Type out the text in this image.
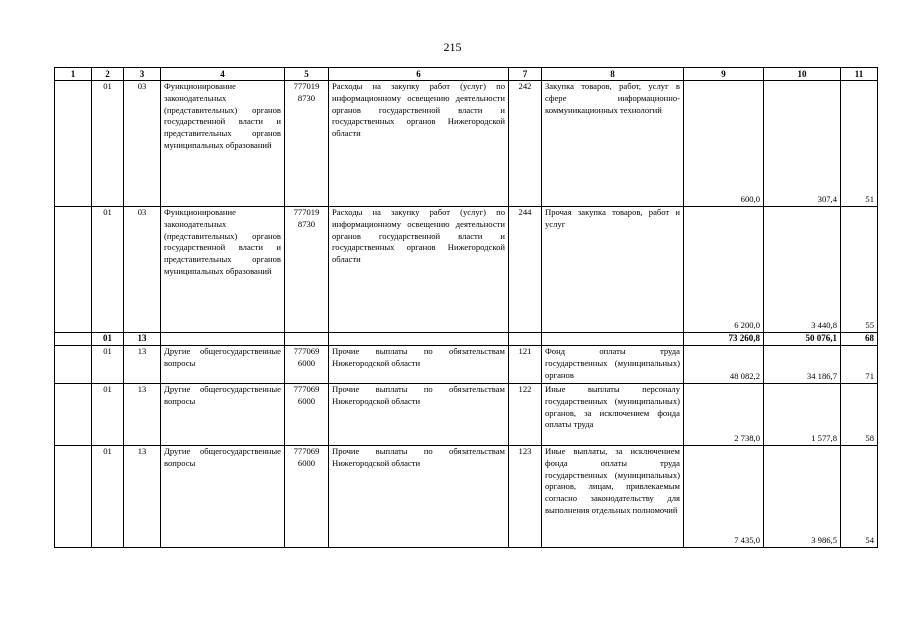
215
1	2	3	4	5	6	7	8	9	10	11
	01	03	Функционирование законодательных (представительных) органов государственной власти и представительных органов муниципальных образований	777019 8730	Расходы на закупку работ (услуг) по информационному освещению деятельности органов государственной власти и государственных органов Нижегородской области	242	Закупка товаров, работ, услуг в сфере информационно-коммуникационных технологий	600,0	307,4	51
	01	03	Функционирование законодательных (представительных) органов государственной власти и представительных органов муниципальных образований	777019 8730	Расходы на закупку работ (услуг) по информационному освещению деятельности органов государственной власти и государственных органов Нижегородской области	244	Прочая закупка товаров, работ и услуг	6 200,0	3 440,8	55
	01	13						73 260,8	50 076,1	68
	01	13	Другие общегосударственные вопросы	777069 6000	Прочие выплаты по обязательствам Нижегородской области	121	Фонд оплаты труда государственных (муниципальных) органов	48 082,2	34 186,7	71
	01	13	Другие общегосударственные вопросы	777069 6000	Прочие выплаты по обязательствам Нижегородской области	122	Иные выплаты персоналу государственных (муниципальных) органов, за исключением фонда оплаты труда	2 738,0	1 577,8	58
	01	13	Другие общегосударственные вопросы	777069 6000	Прочие выплаты по обязательствам Нижегородской области	123	Иные выплаты, за исключением фонда оплаты труда государственных (муниципальных) органов, лицам, привлекаемым согласно законодательству для выполнения отдельных полномочий	7 435,0	3 986,5	54
